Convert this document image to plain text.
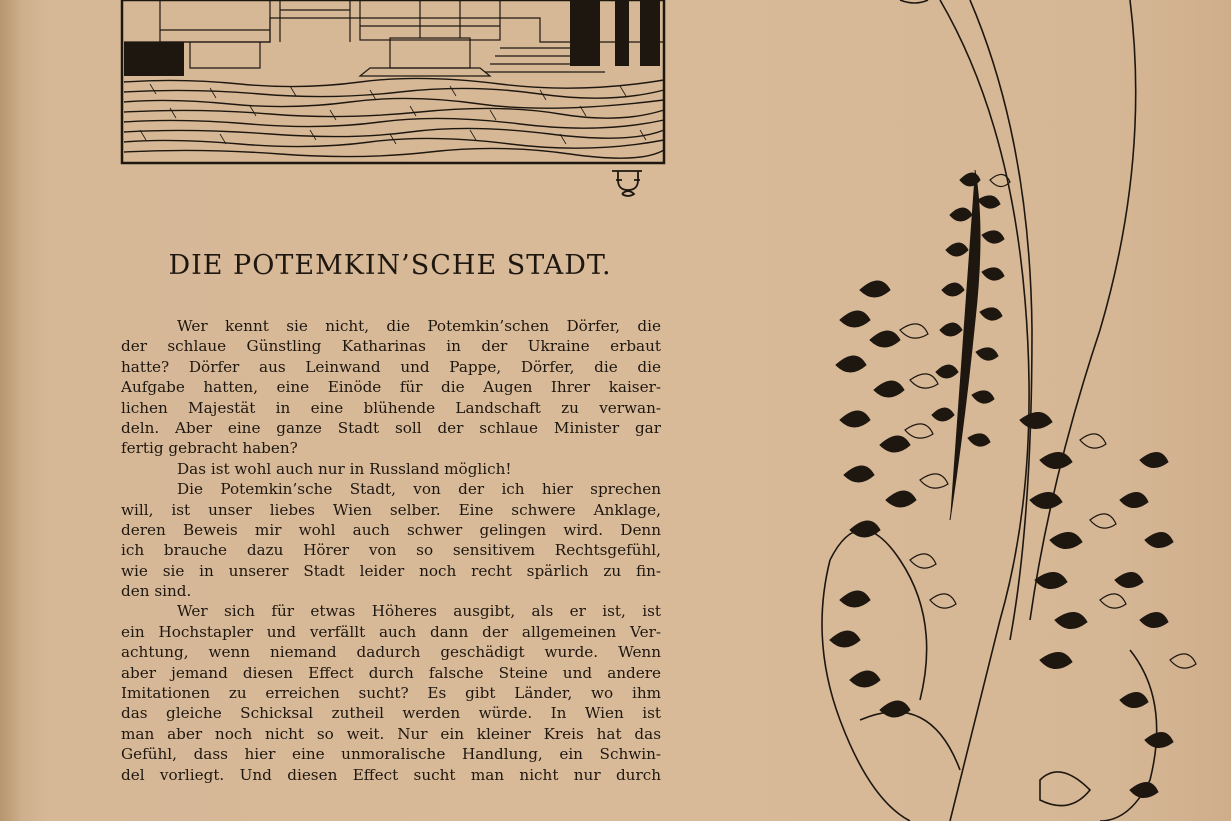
DIE POTEMKIN’SCHE STADT.
Wer kennt sie nicht, die Potemkin’schen Dörfer, die
der schlaue Günstling Katharinas in der Ukraine erbaut
hatte? Dörfer aus Leinwand und Pappe, Dörfer, die die
Aufgabe hatten, eine Einöde für die Augen Ihrer kaiser-
lichen Majestät in eine blühende Landschaft zu verwan-
deln. Aber eine ganze Stadt soll der schlaue Minister gar
fertig gebracht haben?
Das ist wohl auch nur in Russland möglich!
Die Potemkin’sche Stadt, von der ich hier sprechen
will, ist unser liebes Wien selber. Eine schwere Anklage,
deren Beweis mir wohl auch schwer gelingen wird. Denn
ich brauche dazu Hörer von so sensitivem Rechtsgefühl,
wie sie in unserer Stadt leider noch recht spärlich zu fin-
den sind.
Wer sich für etwas Höheres ausgibt, als er ist, ist
ein Hochstapler und verfällt auch dann der allgemeinen Ver-
achtung, wenn niemand dadurch geschädigt wurde. Wenn
aber jemand diesen Effect durch falsche Steine und andere
Imitationen zu erreichen sucht? Es gibt Länder, wo ihm
das gleiche Schicksal zutheil werden würde. In Wien ist
man aber noch nicht so weit. Nur ein kleiner Kreis hat das
Gefühl, dass hier eine unmoralische Handlung, ein Schwin-
del vorliegt. Und diesen Effect sucht man nicht nur durch
